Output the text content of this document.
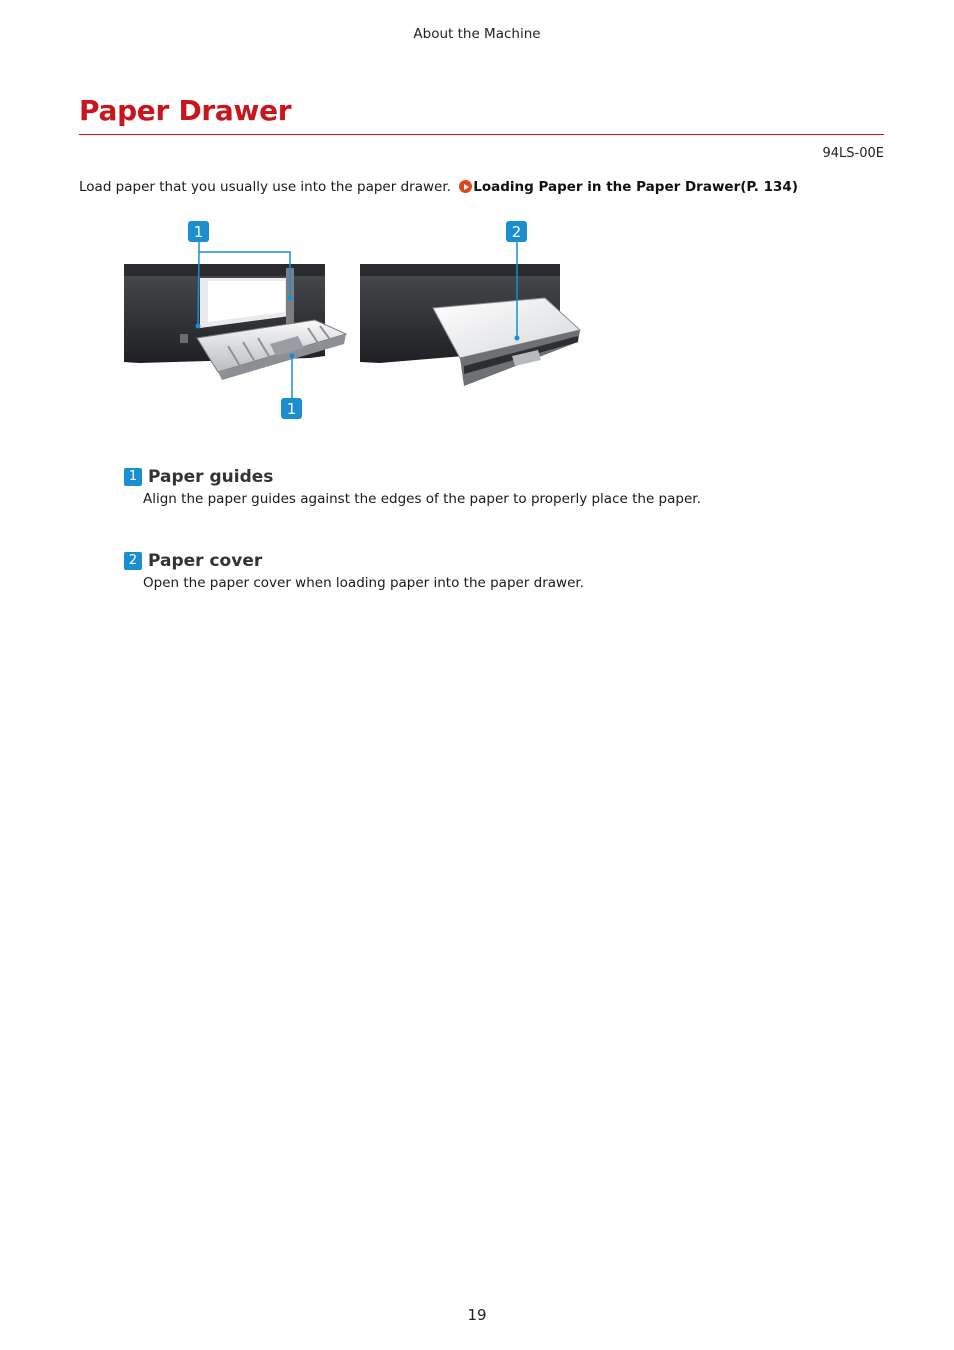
About the Machine
Paper Drawer
94LS-00E
Load paper that you usually use into the paper drawer. Loading Paper in the Paper Drawer(P. 134)
1	2
1
1 Paper guides

Align the paper guides against the edges of the paper to properly place the paper.

2 Paper cover

Open the paper cover when loading paper into the paper drawer.

19
